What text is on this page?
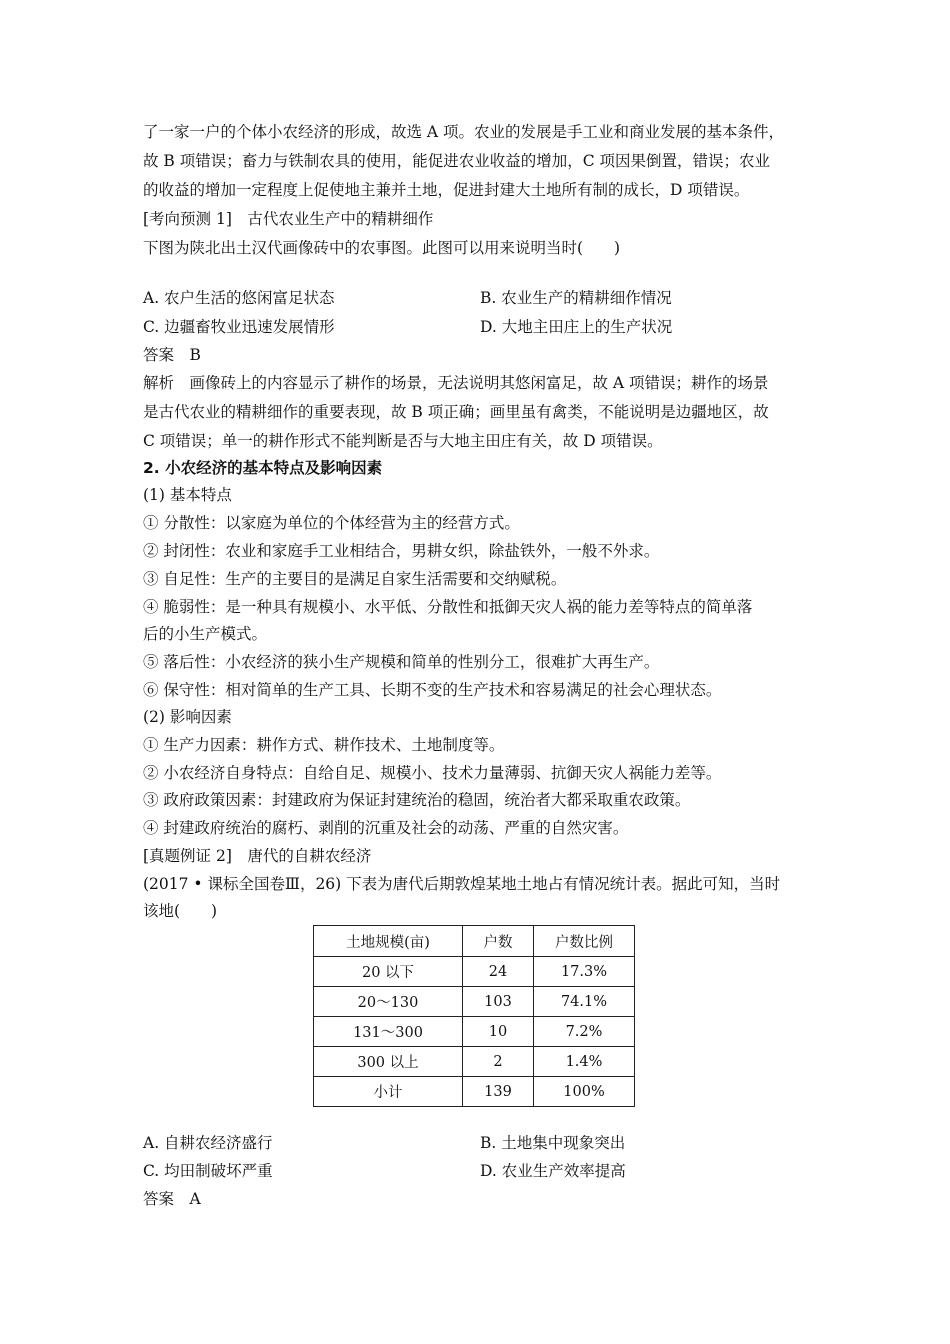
了一家一户的个体小农经济的形成，故选 A 项。农业的发展是手工业和商业发展的基本条件，
故 B 项错误；畜力与铁制农具的使用，能促进农业收益的增加，C 项因果倒置，错误；农业
的收益的增加一定程度上促使地主兼并土地，促进封建大土地所有制的成长，D 项错误。
[考向预测 1]　古代农业生产中的精耕细作
下图为陕北出土汉代画像砖中的农事图。此图可以用来说明当时(　　)
A. 农户生活的悠闲富足状态	B. 农业生产的精耕细作情况
C. 边疆畜牧业迅速发展情形	D. 大地主田庄上的生产状况
答案　B
解析　画像砖上的内容显示了耕作的场景，无法说明其悠闲富足，故 A 项错误；耕作的场景
是古代农业的精耕细作的重要表现，故 B 项正确；画里虽有禽类，不能说明是边疆地区，故
C 项错误；单一的耕作形式不能判断是否与大地主田庄有关，故 D 项错误。
2. 小农经济的基本特点及影响因素
(1) 基本特点
① 分散性：以家庭为单位的个体经营为主的经营方式。
② 封闭性：农业和家庭手工业相结合，男耕女织，除盐铁外，一般不外求。
③ 自足性：生产的主要目的是满足自家生活需要和交纳赋税。
④ 脆弱性：是一种具有规模小、水平低、分散性和抵御天灾人祸的能力差等特点的简单落
后的小生产模式。
⑤ 落后性：小农经济的狭小生产规模和简单的性别分工，很难扩大再生产。
⑥ 保守性：相对简单的生产工具、长期不变的生产技术和容易满足的社会心理状态。
(2) 影响因素
① 生产力因素：耕作方式、耕作技术、土地制度等。
② 小农经济自身特点：自给自足、规模小、技术力量薄弱、抗御天灾人祸能力差等。
③ 政府政策因素：封建政府为保证封建统治的稳固，统治者大都采取重农政策。
④ 封建政府统治的腐朽、剥削的沉重及社会的动荡、严重的自然灾害。
[真题例证 2]　唐代的自耕农经济
(2017 • 课标全国卷Ⅲ，26) 下表为唐代后期敦煌某地土地占有情况统计表。据此可知，当时
该地(　　)
土地规模(亩)	户数	户数比例
20 以下	24	17.3%
20～130	103	74.1%
131～300	10	7.2%
300 以上	2	1.4%
小计	139	100%
A. 自耕农经济盛行	B. 土地集中现象突出
C. 均田制破坏严重	D. 农业生产效率提高
答案　A
